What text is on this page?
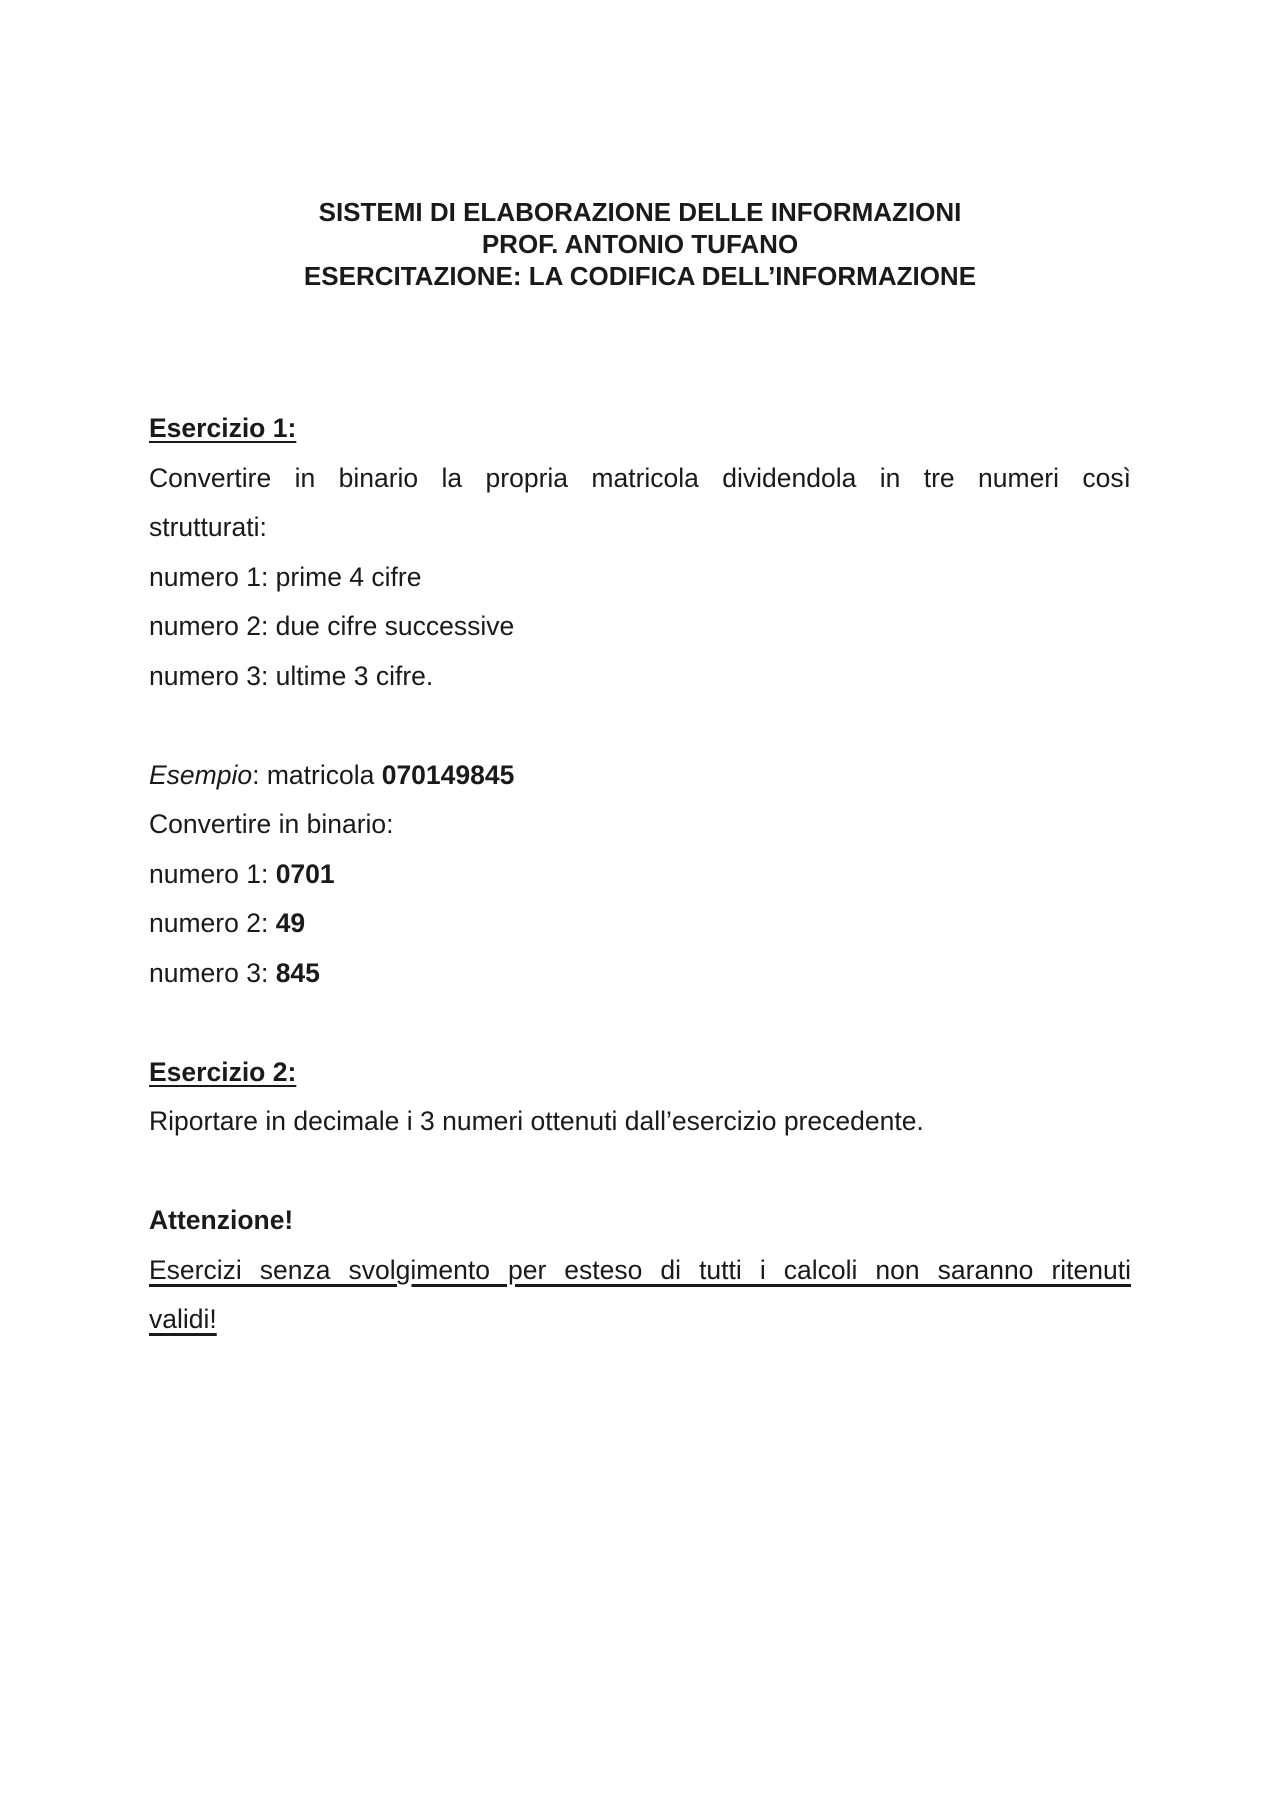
SISTEMI DI ELABORAZIONE DELLE INFORMAZIONI
PROF. ANTONIO TUFANO
ESERCITAZIONE: LA CODIFICA DELL’INFORMAZIONE
Esercizio 1:
Convertire in binario la propria matricola dividendola in tre numeri così
strutturati:
numero 1: prime 4 cifre
numero 2: due cifre successive
numero 3: ultime 3 cifre.
Esempio: matricola 070149845
Convertire in binario:
numero 1: 0701
numero 2: 49
numero 3: 845
Esercizio 2:
Riportare in decimale i 3 numeri ottenuti dall’esercizio precedente.
Attenzione!
Esercizi senza svolgimento per esteso di tutti i calcoli non saranno ritenuti
validi!
